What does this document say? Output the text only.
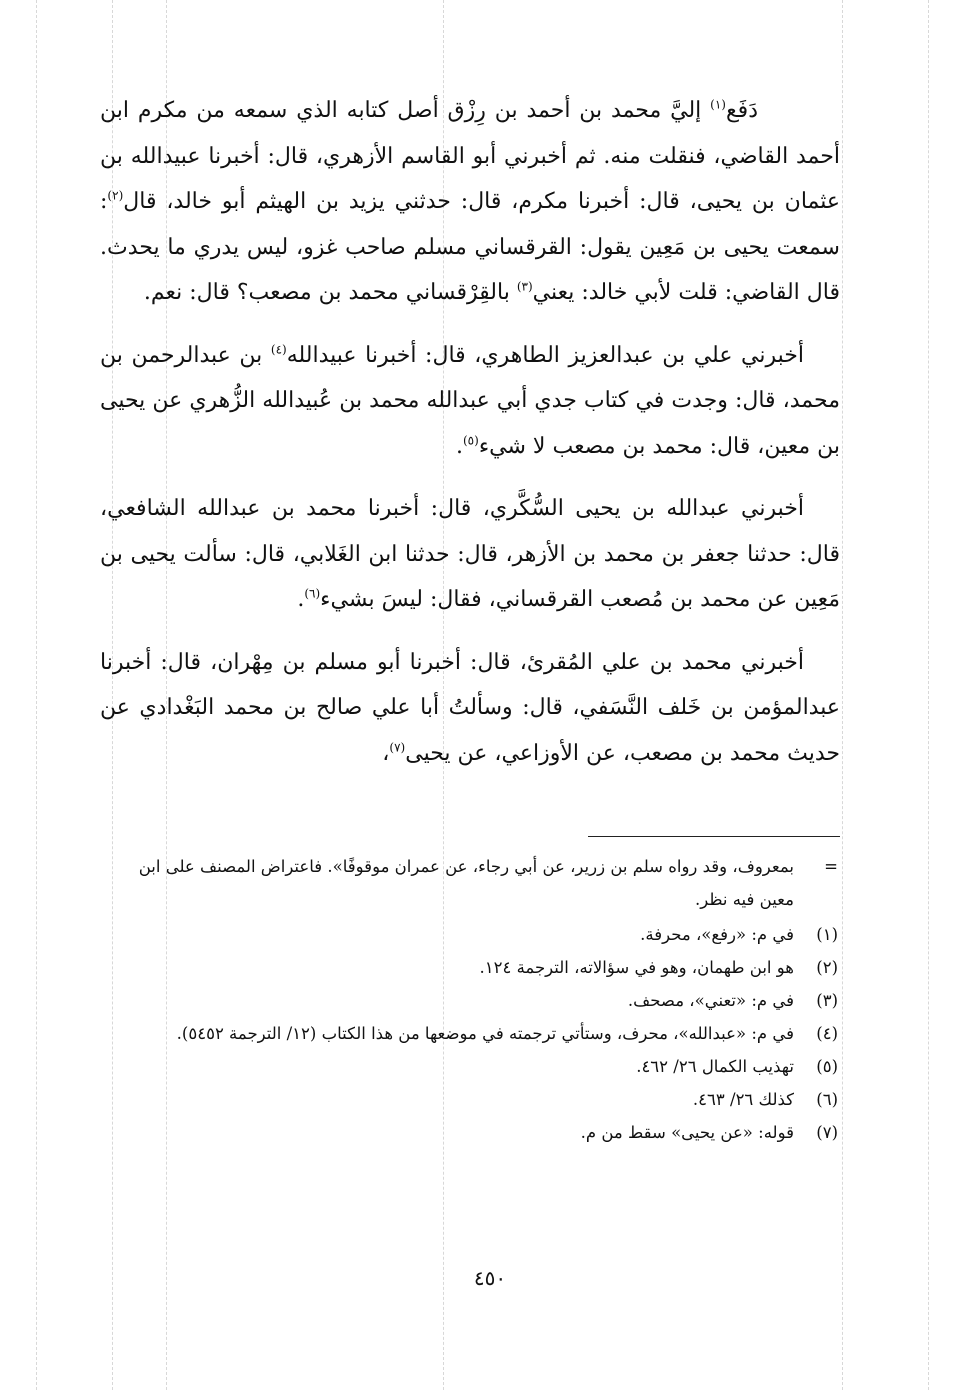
دَفَع$^{(١)}$ إليَّ محمد بن أحمد بن رِزْق أصل كتابه الذي سمعه من مكرم ابن أحمد القاضي، فنقلت منه. ثم أخبرني أبو القاسم الأزهري، قال: أخبرنا عبيدالله بن عثمان بن يحيى، قال: أخبرنا مكرم، قال: حدثني يزيد بن الهيثم أبو خالد، قال$^{(٢)}$: سمعت يحيى بن مَعِين يقول: القرقساني مسلم صاحب غزو، ليس يدري ما يحدث. قال القاضي: قلت لأبي خالد: يعني$^{(٣)}$ بالقِرْقساني محمد بن مصعب؟ قال: نعم.

أخبرني علي بن عبدالعزيز الطاهري، قال: أخبرنا عبيدالله$^{(٤)}$ بن عبدالرحمن بن محمد، قال: وجدت في كتاب جدي أبي عبدالله محمد بن عُبيدالله الزُّهري عن يحيى بن معين، قال: محمد بن مصعب لا شيء$^{(٥)}$.

أخبرني عبدالله بن يحيى السُّكَّري، قال: أخبرنا محمد بن عبدالله الشافعي، قال: حدثنا جعفر بن محمد بن الأزهر، قال: حدثنا ابن الغَلابي، قال: سألت يحيى بن مَعِين عن محمد بن مُصعب القرقساني، فقال: ليسَ بشيء$^{(٦)}$.

أخبرني محمد بن علي المُقرئ، قال: أخبرنا أبو مسلم بن مِهْران، قال: أخبرنا عبدالمؤمن بن خَلف النَّسَفي، قال: وسألتُ أبا علي صالح بن محمد البَغْدادي عن حديث محمد بن مصعب، عن الأوزاعي، عن يحيى$^{(٧)}$،

=
بمعروف، وقد رواه سلم بن زرير، عن أبي رجاء، عن عمران موقوفًا». فاعتراض المصنف على ابن معين فيه نظر.
(١)
في م: «رفع»، محرفة.
(٢)
هو ابن طهمان، وهو في سؤالاته، الترجمة ١٢٤.
(٣)
في م: «تعني»، مصحف.
(٤)
في م: «عبدالله»، محرف، وستأتي ترجمته في موضعها من هذا الكتاب (١٢/ الترجمة ٥٤٥٢).
(٥)
تهذيب الكمال ٢٦/ ٤٦٢.
(٦)
كذلك ٢٦/ ٤٦٣.
(٧)
قوله: «عن يحيى» سقط من م.
٤٥٠
